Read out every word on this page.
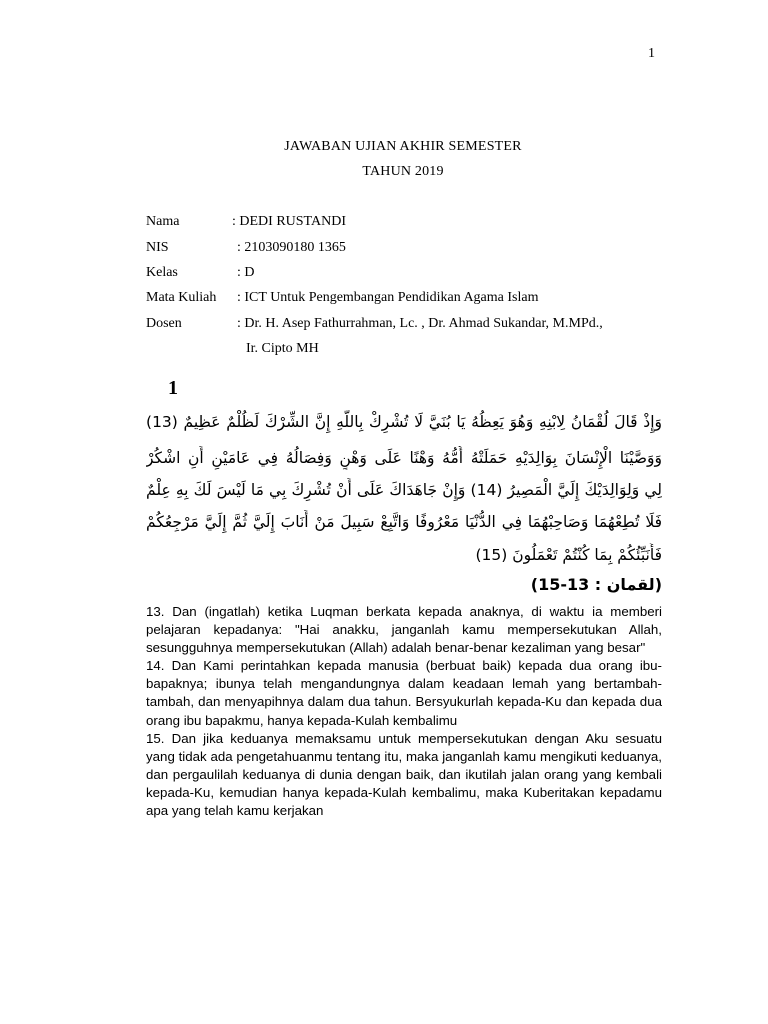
1
JAWABAN UJIAN AKHIR SEMESTER
TAHUN 2019
Nama	: DEDI RUSTANDI
NIS	: 2103090180 1365
Kelas	: D
Mata Kuliah : ICT Untuk Pengembangan Pendidikan Agama Islam
Dosen	: Dr. H. Asep Fathurrahman, Lc. , Dr. Ahmad Sukandar, M.MPd.,
Ir. Cipto MH
1
وَإِذْ قَالَ لُقْمَانُ لِابْنِهِ وَهُوَ يَعِظُهُ يَا بُنَيَّ لَا تُشْرِكْ بِاللَّهِ إِنَّ الشِّرْكَ لَظُلْمٌ عَظِيمٌ (13)
وَوَصَّيْنَا الْإِنْسَانَ بِوَالِدَيْهِ حَمَلَتْهُ أُمُّهُ وَهْنًا عَلَى وَهْنٍ وَفِصَالُهُ فِي عَامَيْنِ أَنِ اشْكُرْ
لِي وَلِوَالِدَيْكَ إِلَيَّ الْمَصِيرُ (14) وَإِنْ جَاهَدَاكَ عَلَى أَنْ تُشْرِكَ بِي مَا لَيْسَ لَكَ بِهِ عِلْمٌ
فَلَا تُطِعْهُمَا وَصَاحِبْهُمَا فِي الدُّنْيَا مَعْرُوفًا وَاتَّبِعْ سَبِيلَ مَنْ أَنَابَ إِلَيَّ ثُمَّ إِلَيَّ مَرْجِعُكُمْ
فَأُنَبِّئُكُمْ بِمَا كُنْتُمْ تَعْمَلُونَ (15)
(لقمان : 13-15)

13. Dan (ingatlah) ketika Luqman berkata kepada anaknya, di waktu ia memberi pelajaran kepadanya: "Hai anakku, janganlah kamu mempersekutukan Allah, sesungguhnya mempersekutukan (Allah) adalah benar-benar kezaliman yang besar"

14. Dan Kami perintahkan kepada manusia (berbuat baik) kepada dua orang ibu-bapaknya; ibunya telah mengandungnya dalam keadaan lemah yang bertambah-tambah, dan menyapihnya dalam dua tahun. Bersyukurlah kepada-Ku dan kepada dua orang ibu bapakmu, hanya kepada-Kulah kembalimu

15. Dan jika keduanya memaksamu untuk mempersekutukan dengan Aku sesuatu yang tidak ada pengetahuanmu tentang itu, maka janganlah kamu mengikuti keduanya, dan pergaulilah keduanya di dunia dengan baik, dan ikutilah jalan orang yang kembali kepada-Ku, kemudian hanya kepada-Kulah kembalimu, maka Kuberitakan kepadamu apa yang telah kamu kerjakan
